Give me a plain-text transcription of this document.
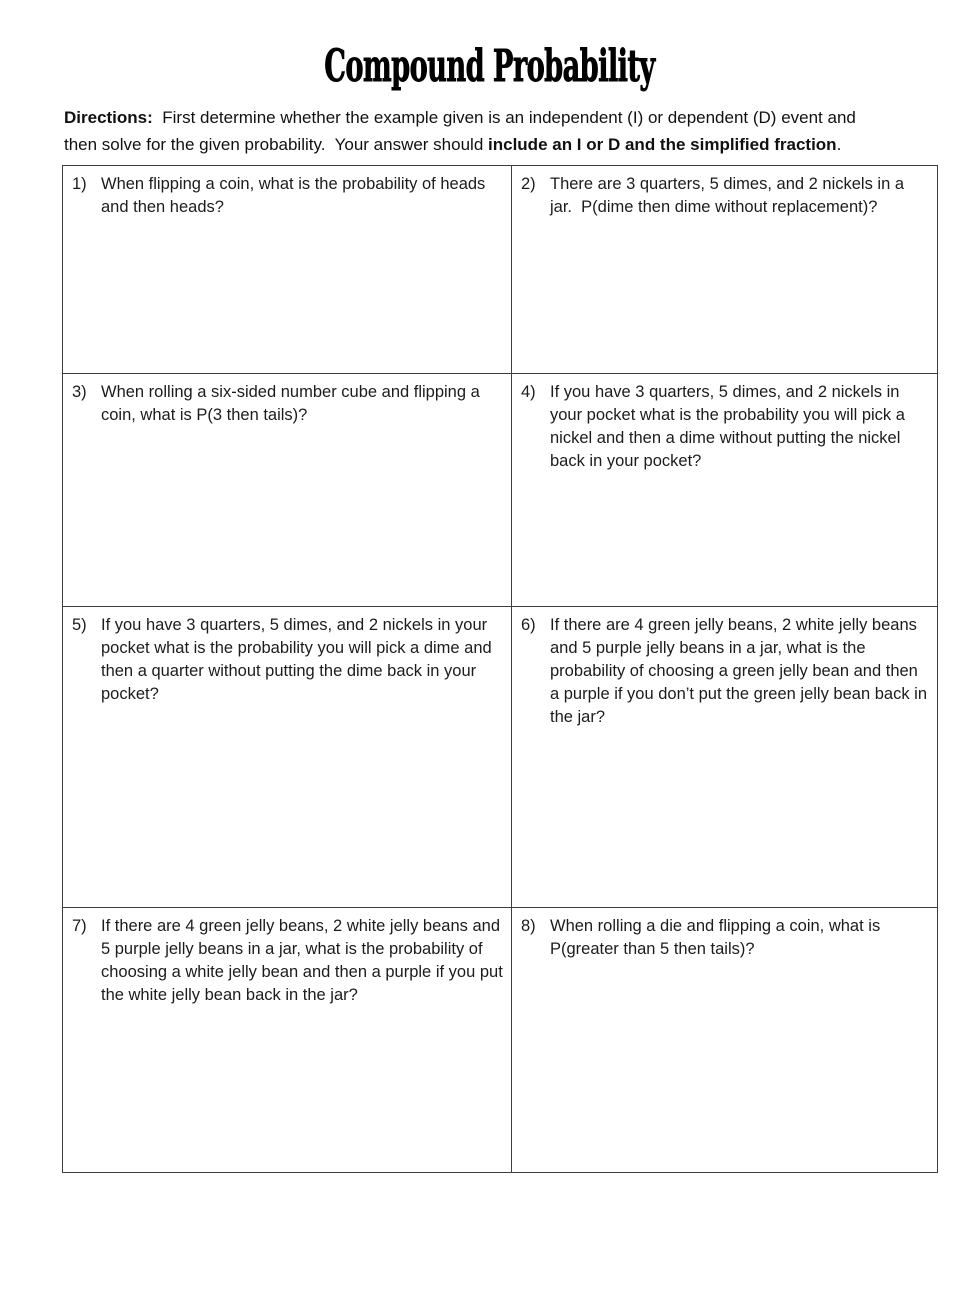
Compound Probability

Directions:  First determine whether the example given is an independent (I) or dependent (D) event and
then solve for the given probability.  Your answer should include an I or D and the simplified fraction.

1) When flipping a coin, what is the probability of heads and then heads?	2) There are 3 quarters, 5 dimes, and 2 nickels in a jar.  P(dime then dime without replacement)?

3) When rolling a six-sided number cube and flipping a coin, what is P(3 then tails)?	4) If you have 3 quarters, 5 dimes, and 2 nickels in your pocket what is the probability you will pick a nickel and then a dime without putting the nickel back in your pocket?

5) If you have 3 quarters, 5 dimes, and 2 nickels in your pocket what is the probability you will pick a dime and then a quarter without putting the dime back in your pocket?	6) If there are 4 green jelly beans, 2 white jelly beans and 5 purple jelly beans in a jar, what is the probability of choosing a green jelly bean and then a purple if you don’t put the green jelly bean back in the jar?

7) If there are 4 green jelly beans, 2 white jelly beans and 5 purple jelly beans in a jar, what is the probability of choosing a white jelly bean and then a purple if you put the white jelly bean back in the jar?	8) When rolling a die and flipping a coin, what is P(greater than 5 then tails)?
